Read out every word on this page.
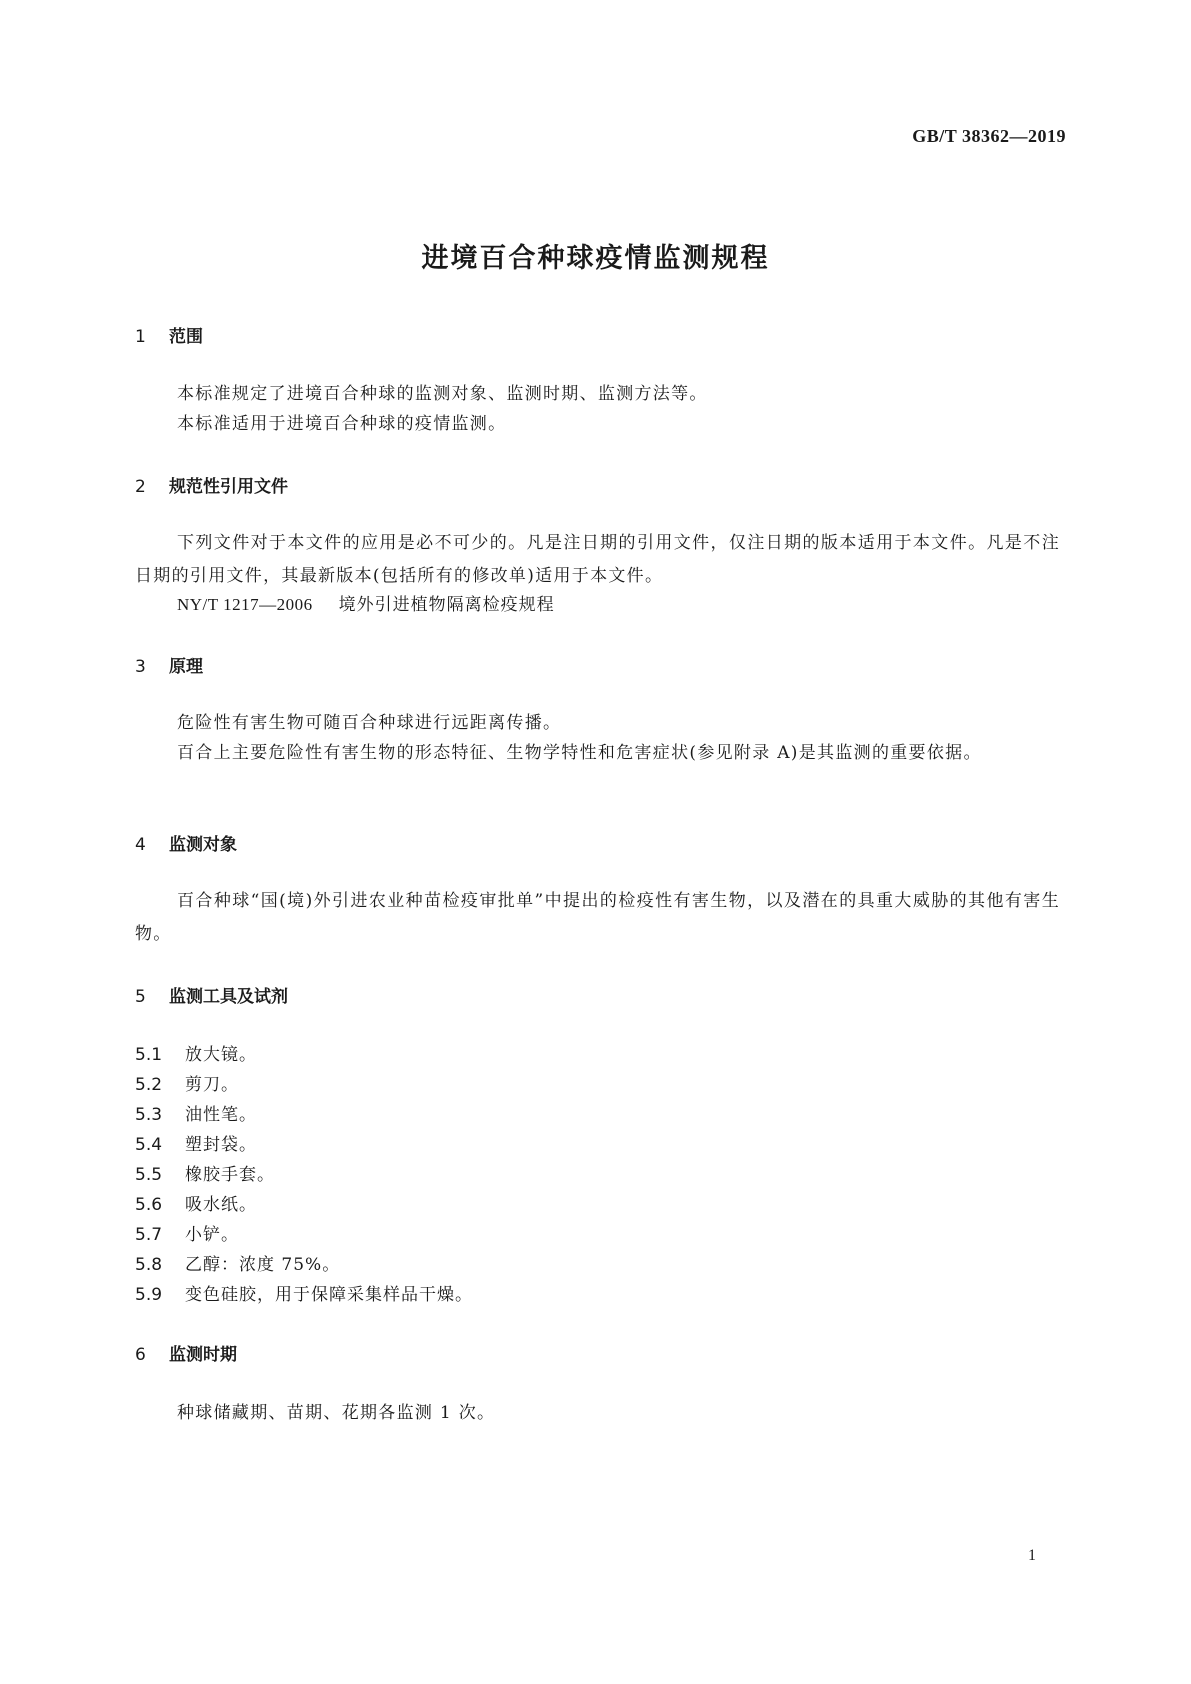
GB/T 38362—2019
进境百合种球疫情监测规程
1 范围
本标准规定了进境百合种球的监测对象、监测时期、监测方法等。
本标准适用于进境百合种球的疫情监测。
2 规范性引用文件
下列文件对于本文件的应用是必不可少的。凡是注日期的引用文件，仅注日期的版本适用于本文件。凡是不注日期的引用文件，其最新版本(包括所有的修改单)适用于本文件。
NY/T 1217—2006 境外引进植物隔离检疫规程
3 原理
危险性有害生物可随百合种球进行远距离传播。
百合上主要危险性有害生物的形态特征、生物学特性和危害症状(参见附录 A)是其监测的重要依据。
4 监测对象
百合种球“国(境)外引进农业种苗检疫审批单”中提出的检疫性有害生物，以及潜在的具重大威胁的其他有害生物。
5 监测工具及试剂
5.1 放大镜。
5.2 剪刀。
5.3 油性笔。
5.4 塑封袋。
5.5 橡胶手套。
5.6 吸水纸。
5.7 小铲。
5.8 乙醇：浓度 75%。
5.9 变色硅胶，用于保障采集样品干燥。
6 监测时期
种球储藏期、苗期、花期各监测 1 次。
1
